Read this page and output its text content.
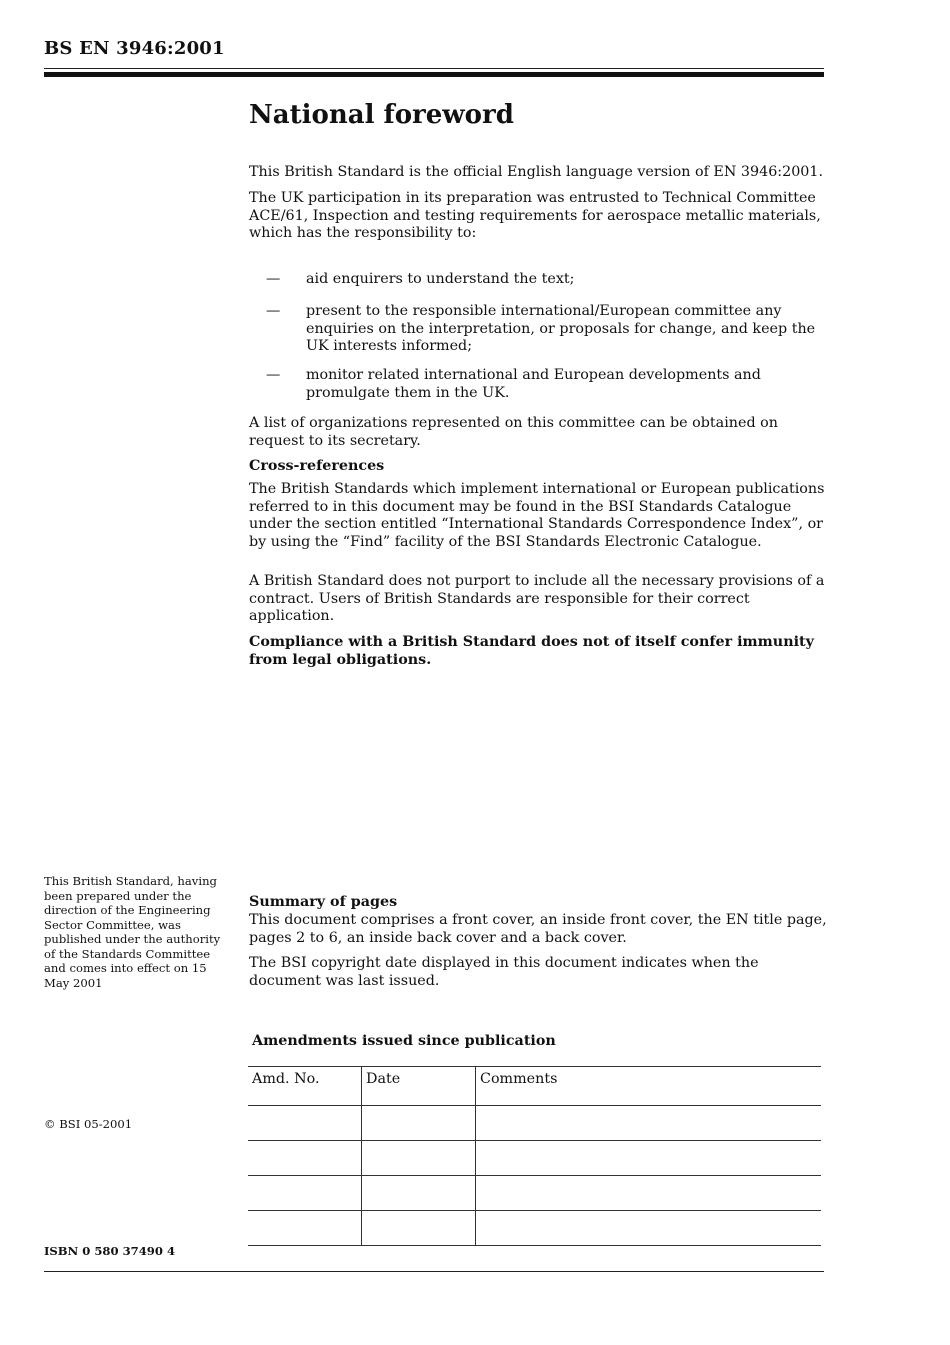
BS EN 3946:2001
National foreword
This British Standard is the official English language version of EN 3946:2001.
The UK participation in its preparation was entrusted to Technical Committee ACE/61, Inspection and testing requirements for aerospace metallic materials, which has the responsibility to:
— aid enquirers to understand the text;
— present to the responsible international/European committee any enquiries on the interpretation, or proposals for change, and keep the UK interests informed;
— monitor related international and European developments and promulgate them in the UK.
A list of organizations represented on this committee can be obtained on request to its secretary.
Cross-references
The British Standards which implement international or European publications referred to in this document may be found in the BSI Standards Catalogue under the section entitled “International Standards Correspondence Index”, or by using the “Find” facility of the BSI Standards Electronic Catalogue.
A British Standard does not purport to include all the necessary provisions of a contract. Users of British Standards are responsible for their correct application.
Compliance with a British Standard does not of itself confer immunity from legal obligations.
This British Standard, having been prepared under the direction of the Engineering Sector Committee, was published under the authority of the Standards Committee and comes into effect on 15 May 2001
© BSI 05-2001
ISBN 0 580 37490 4
Summary of pages
This document comprises a front cover, an inside front cover, the EN title page, pages 2 to 6, an inside back cover and a back cover.
The BSI copyright date displayed in this document indicates when the document was last issued.
Amendments issued since publication
Amd. No.	Date	Comments
